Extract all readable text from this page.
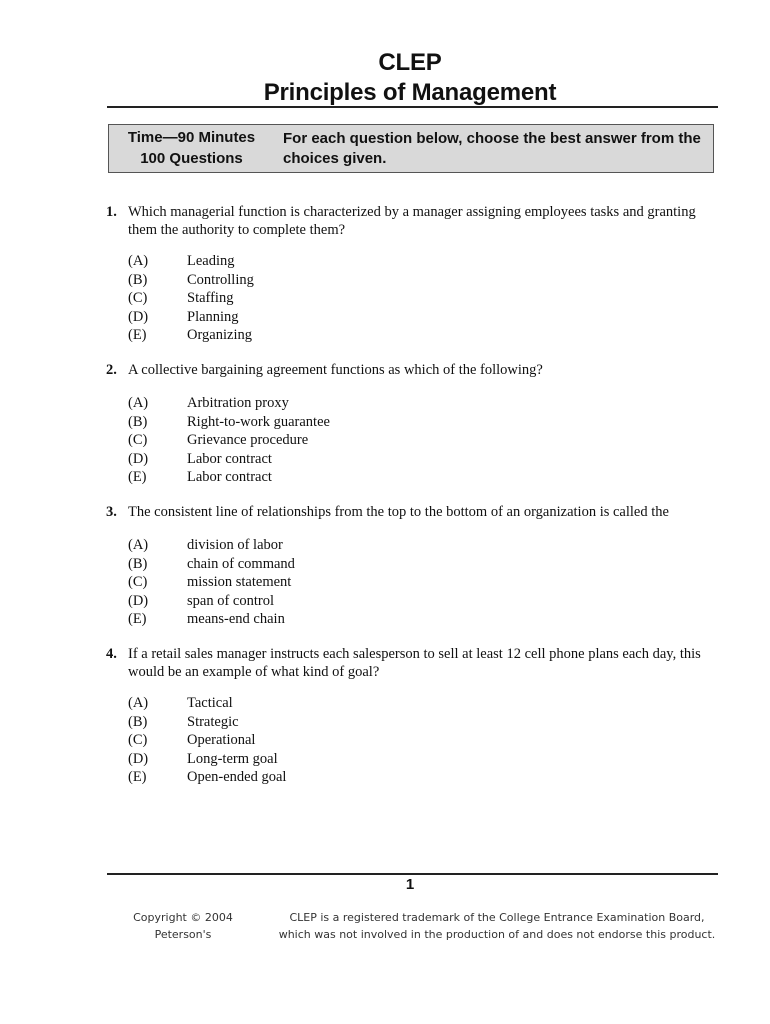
CLEP
Principles of Management
Time—90 Minutes
100 Questions
For each question below, choose the best answer from the choices given.
1. Which managerial function is characterized by a manager assigning employees tasks and granting them the authority to complete them?
(A)	Leading
(B)	Controlling
(C)	Staffing
(D)	Planning
(E)	Organizing
2. A collective bargaining agreement functions as which of the following?
(A)	Arbitration proxy
(B)	Right-to-work guarantee
(C)	Grievance procedure
(D)	Labor contract
(E)	Labor contract
3. The consistent line of relationships from the top to the bottom of an organization is called the
(A)	division of labor
(B)	chain of command
(C)	mission statement
(D)	span of control
(E)	means-end chain
4. If a retail sales manager instructs each salesperson to sell at least 12 cell phone plans each day, this would be an example of what kind of goal?
(A)	Tactical
(B)	Strategic
(C)	Operational
(D)	Long-term goal
(E)	Open-ended goal
1
Copyright © 2004
Peterson's
CLEP is a registered trademark of the College Entrance Examination Board,
which was not involved in the production of and does not endorse this product.
